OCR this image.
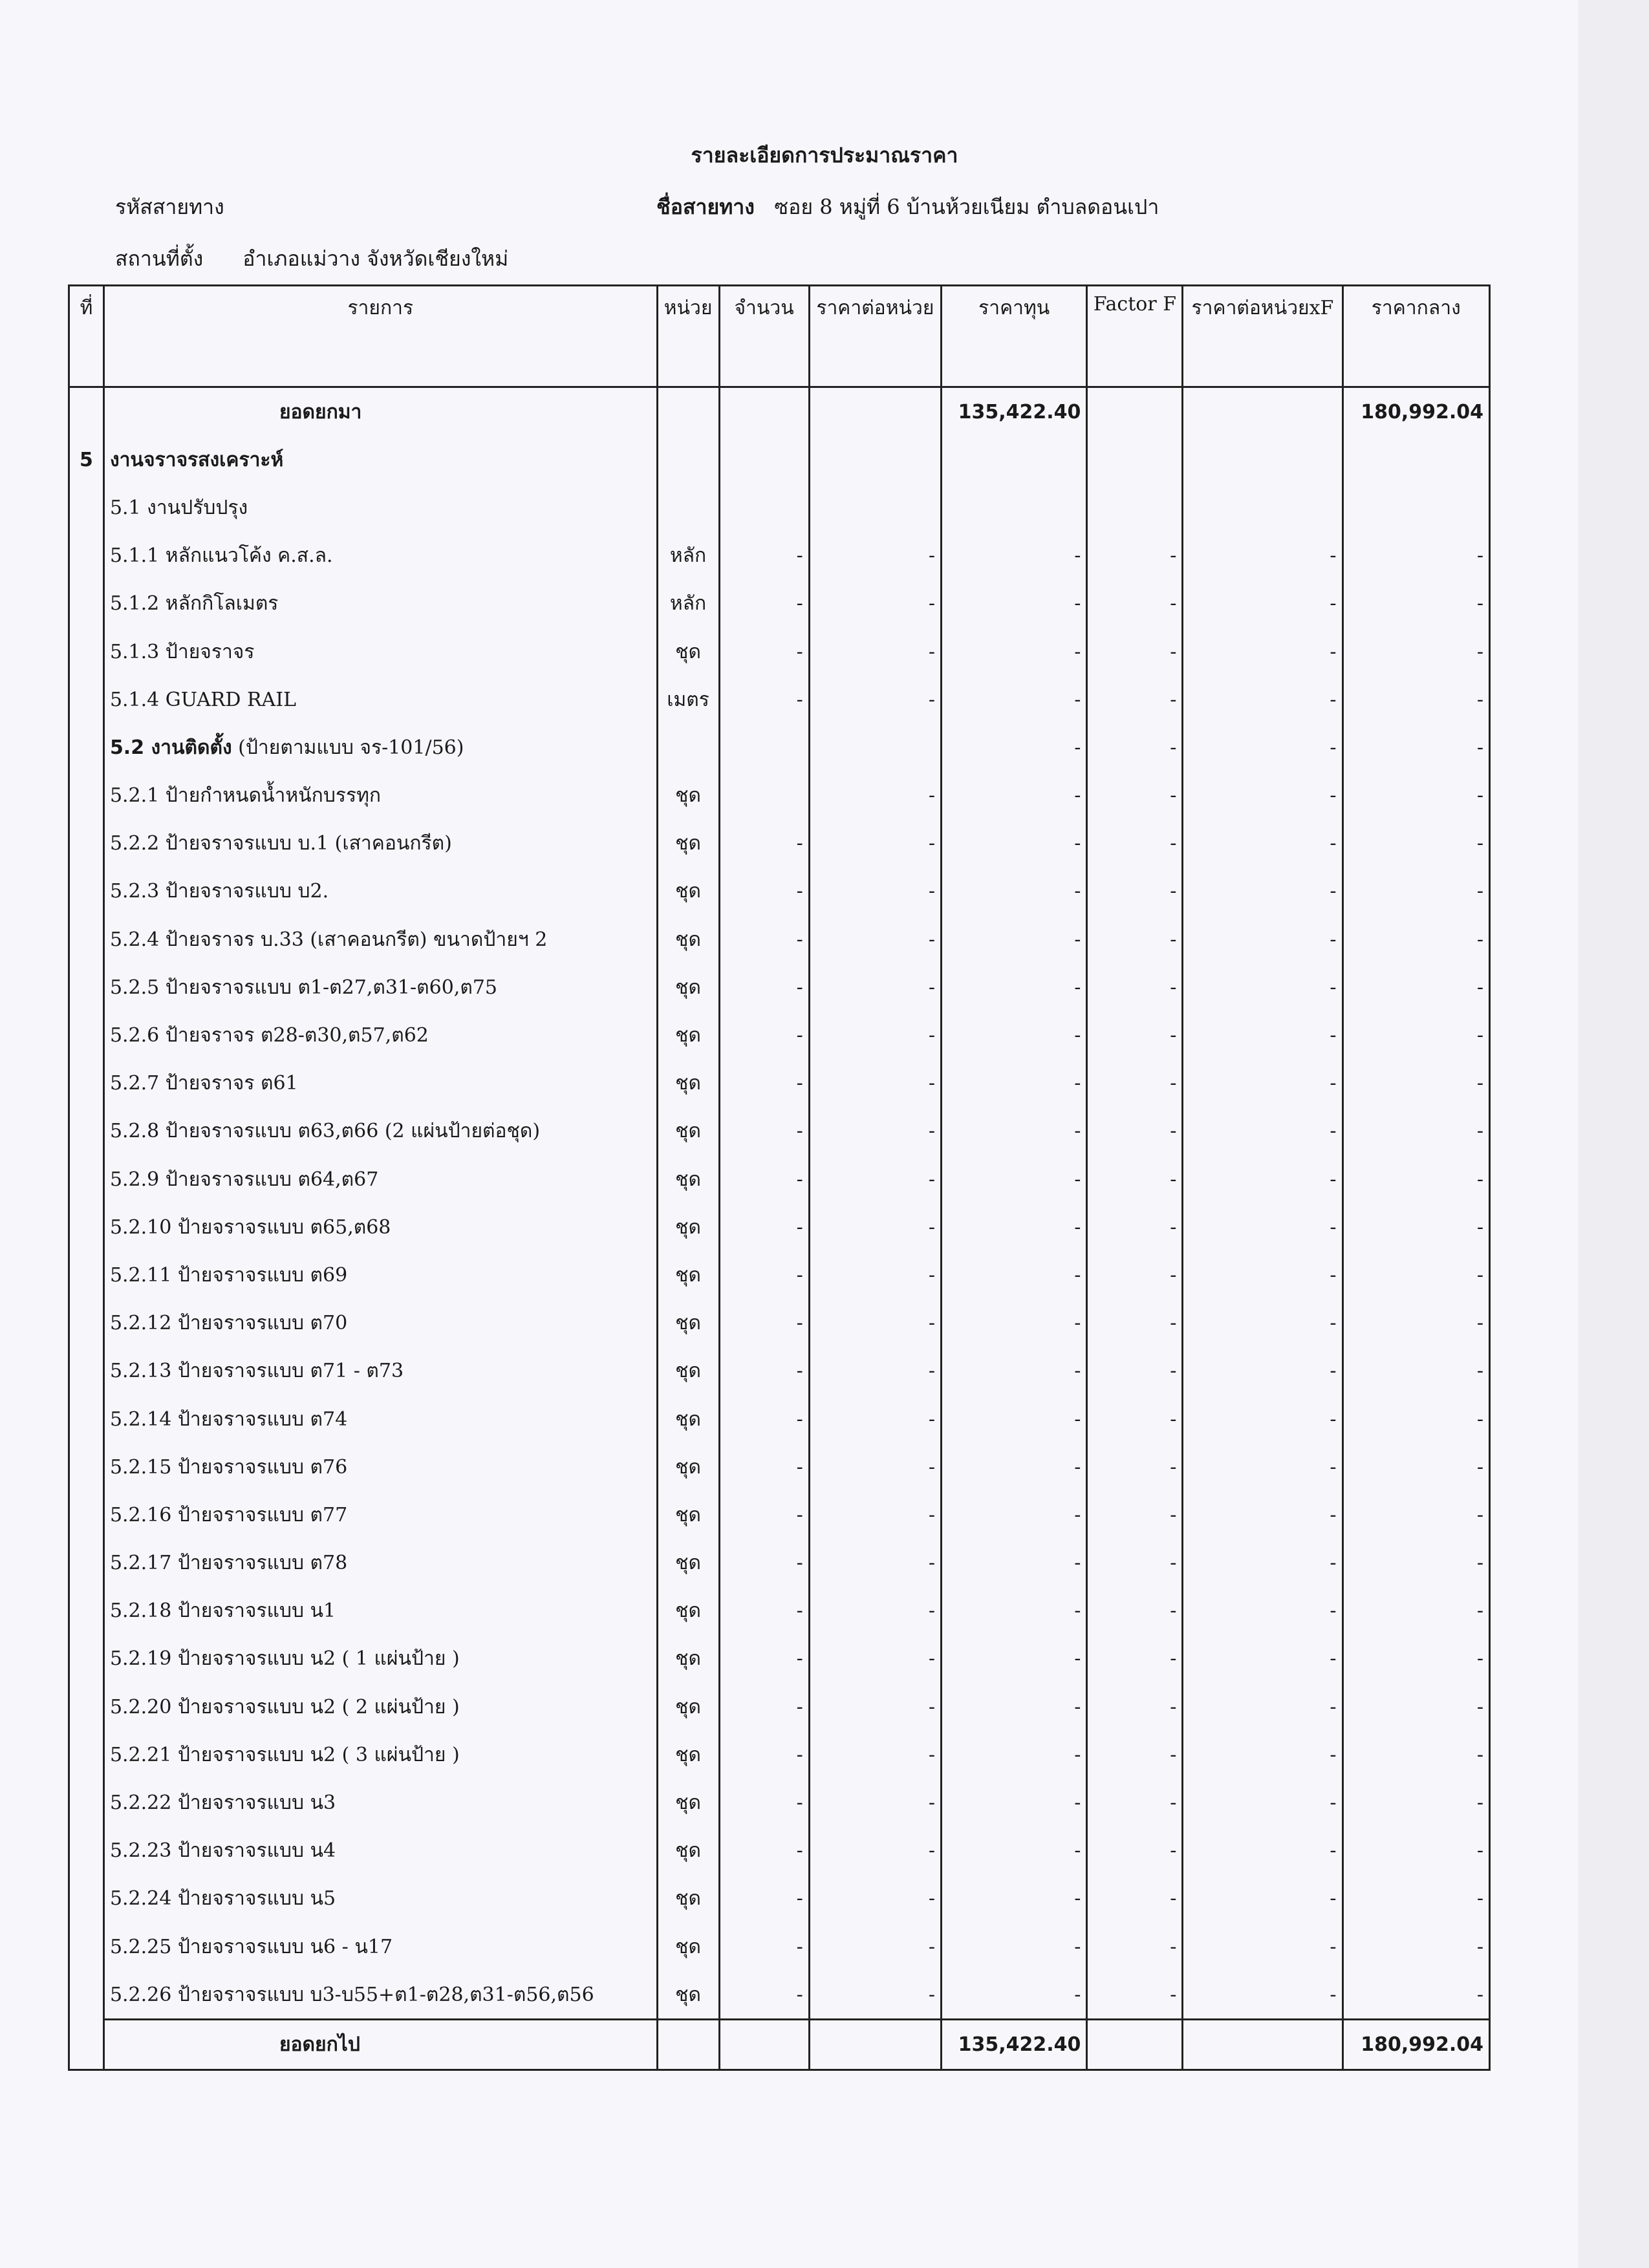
รายละเอียดการประมาณราคา
รหัสสายทาง	ชื่อสายทาง ซอย 8 หมู่ที่ 6 บ้านห้วยเนียม ตำบลดอนเปา
สถานที่ตั้ง อำเภอแม่วาง จังหวัดเชียงใหม่
ที่	รายการ	หน่วย	จำนวน	ราคาต่อหน่วย	ราคาทุน	Factor F	ราคาต่อหน่วยxF	ราคากลาง
	ยอดยกมา				135,422.40			180,992.04
5	งานจราจรสงเคราะห์							
	5.1 งานปรับปรุง							
	5.1.1 หลักแนวโค้ง ค.ส.ล.	หลัก	-	-	-	-	-	-
	5.1.2 หลักกิโลเมตร	หลัก	-	-	-	-	-	-
	5.1.3 ป้ายจราจร	ชุด	-	-	-	-	-	-
	5.1.4 GUARD RAIL	เมตร	-	-	-	-	-	-
	5.2 งานติดตั้ง (ป้ายตามแบบ จร-101/56)				-	-	-	-
	5.2.1 ป้ายกำหนดน้ำหนักบรรทุก	ชุด		-	-	-	-	-
	5.2.2 ป้ายจราจรแบบ บ.1 (เสาคอนกรีต)	ชุด	-	-	-	-	-	-
	5.2.3 ป้ายจราจรแบบ บ2.	ชุด	-	-	-	-	-	-
	5.2.4 ป้ายจราจร บ.33 (เสาคอนกรีต) ขนาดป้ายฯ 2	ชุด	-	-	-	-	-	-
	5.2.5 ป้ายจราจรแบบ ต1-ต27,ต31-ต60,ต75	ชุด	-	-	-	-	-	-
	5.2.6 ป้ายจราจร ต28-ต30,ต57,ต62	ชุด	-	-	-	-	-	-
	5.2.7 ป้ายจราจร ต61	ชุด	-	-	-	-	-	-
	5.2.8 ป้ายจราจรแบบ ต63,ต66 (2 แผ่นป้ายต่อชุด)	ชุด	-	-	-	-	-	-
	5.2.9 ป้ายจราจรแบบ ต64,ต67	ชุด	-	-	-	-	-	-
	5.2.10 ป้ายจราจรแบบ ต65,ต68	ชุด	-	-	-	-	-	-
	5.2.11 ป้ายจราจรแบบ ต69	ชุด	-	-	-	-	-	-
	5.2.12 ป้ายจราจรแบบ ต70	ชุด	-	-	-	-	-	-
	5.2.13 ป้ายจราจรแบบ ต71 - ต73	ชุด	-	-	-	-	-	-
	5.2.14 ป้ายจราจรแบบ ต74	ชุด	-	-	-	-	-	-
	5.2.15 ป้ายจราจรแบบ ต76	ชุด	-	-	-	-	-	-
	5.2.16 ป้ายจราจรแบบ ต77	ชุด	-	-	-	-	-	-
	5.2.17 ป้ายจราจรแบบ ต78	ชุด	-	-	-	-	-	-
	5.2.18 ป้ายจราจรแบบ น1	ชุด	-	-	-	-	-	-
	5.2.19 ป้ายจราจรแบบ น2 ( 1 แผ่นป้าย )	ชุด	-	-	-	-	-	-
	5.2.20 ป้ายจราจรแบบ น2 ( 2 แผ่นป้าย )	ชุด	-	-	-	-	-	-
	5.2.21 ป้ายจราจรแบบ น2 ( 3 แผ่นป้าย )	ชุด	-	-	-	-	-	-
	5.2.22 ป้ายจราจรแบบ น3	ชุด	-	-	-	-	-	-
	5.2.23 ป้ายจราจรแบบ น4	ชุด	-	-	-	-	-	-
	5.2.24 ป้ายจราจรแบบ น5	ชุด	-	-	-	-	-	-
	5.2.25 ป้ายจราจรแบบ น6 - น17	ชุด	-	-	-	-	-	-
	5.2.26 ป้ายจราจรแบบ บ3-บ55+ต1-ต28,ต31-ต56,ต56	ชุด	-	-	-	-	-	-
	ยอดยกไป				135,422.40			180,992.04
